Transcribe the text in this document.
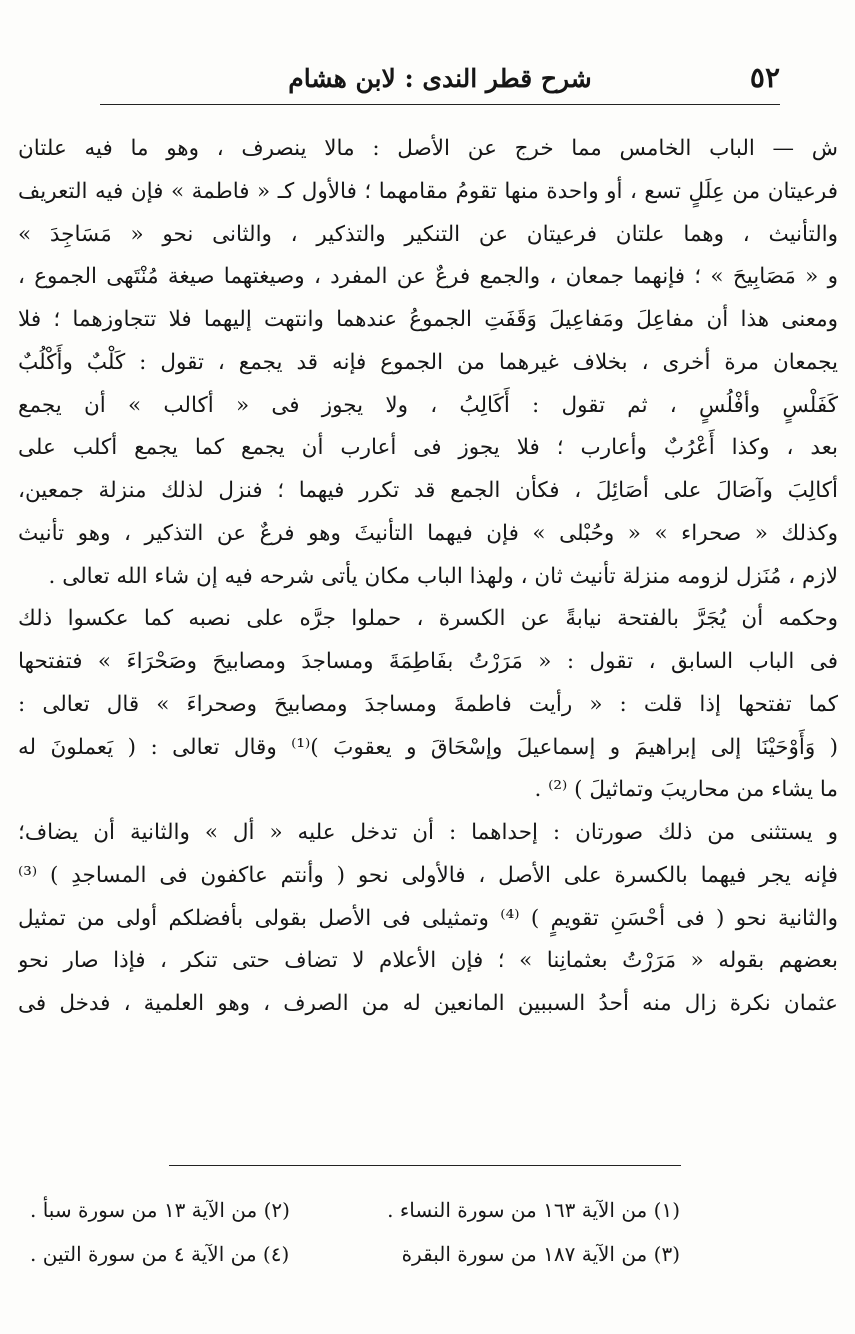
٥٢
شرح قطر الندى : لابن هشام
ش — الباب الخامس مما خرج عن الأصل : مالا ينصرف ، وهو ما فيه علتان
فرعيتان من عِلَلٍ تسع ، أو واحدة منها تقومُ مقامهما ؛ فالأول كـ « فاطمة » فإن فيه التعريف
والتأنيث ، وهما علتان فرعيتان عن التنكير والتذكير ، والثانى نحو « مَسَاجِدَ »
و « مَصَابِيحَ » ؛ فإنهما جمعان ، والجمع فرعٌ عن المفرد ، وصيغتهما صيغة مُنْتَهى الجموع ،
ومعنى هذا أن مفاعِلَ ومَفاعِيلَ وَقَفَتِ الجموعُ عندهما وانتهت إليهما فلا تتجاوزهما ؛ فلا
يجمعان مرة أخرى ، بخلاف غيرهما من الجموع فإنه قد يجمع ، تقول : كَلْبٌ وأَكْلُبٌ
كَفَلْسٍ وأفْلُسٍ ، ثم تقول : أَكَالِبُ ، ولا يجوز فى « أكالب » أن يجمع
بعد ، وكذا أَعْرُبٌ وأعارب ؛ فلا يجوز فى أعارب أن يجمع كما يجمع أكلب على
أكالِبَ وآصَالَ على أصَائِلَ ، فكأن الجمع قد تكرر فيهما ؛ فنزل لذلك منزلة جمعين،
وكذلك « صحراء » « وحُبْلى » فإن فيهما التأنيثَ وهو فرعٌ عن التذكير ، وهو تأنيث
لازم ، مُنَزل لزومه منزلة تأنيث ثان ، ولهذا الباب مكان يأتى شرحه فيه إن شاء الله تعالى .
وحكمه أن يُجَرَّ بالفتحة نيابةً عن الكسرة ، حملوا جرَّه على نصبه كما عكسوا ذلك
فى الباب السابق ، تقول : « مَرَرْتُ بفَاطِمَةَ ومساجدَ ومصابيحَ وصَحْرَاءَ » فتفتحها
كما تفتحها إذا قلت : « رأيت فاطمةَ ومساجدَ ومصابيحَ وصحراءَ » قال تعالى :
( وَأَوْحَيْنَا إلى إبراهيمَ و إسماعيلَ وإسْحَاقَ و يعقوبَ )⁽¹⁾ وقال تعالى : ( يَعملونَ له
ما يشاء من محاريبَ وتماثيلَ ) ⁽²⁾ .
و يستثنى من ذلك صورتان : إحداهما : أن تدخل عليه « أل » والثانية أن يضاف؛
فإنه يجر فيهما بالكسرة على الأصل ، فالأولى نحو ( وأنتم عاكفون فى المساجدِ ) ⁽³⁾
والثانية نحو ( فى أحْسَنِ تقويمٍ ) ⁽⁴⁾ وتمثيلى فى الأصل بقولى بأفضلكم أولى من تمثيل
بعضهم بقوله « مَرَرْتُ بعثمانِنا » ؛ فإن الأعلام لا تضاف حتى تنكر ، فإذا صار نحو
عثمان نكرة زال منه أحدُ السببين المانعين له من الصرف ، وهو العلمية ، فدخل فى
(١) من الآية ١٦٣ من سورة النساء .
(٢) من الآية ١٣ من سورة سبأ .
(٣) من الآية ١٨٧ من سورة البقرة
(٤) من الآية ٤ من سورة التين .
